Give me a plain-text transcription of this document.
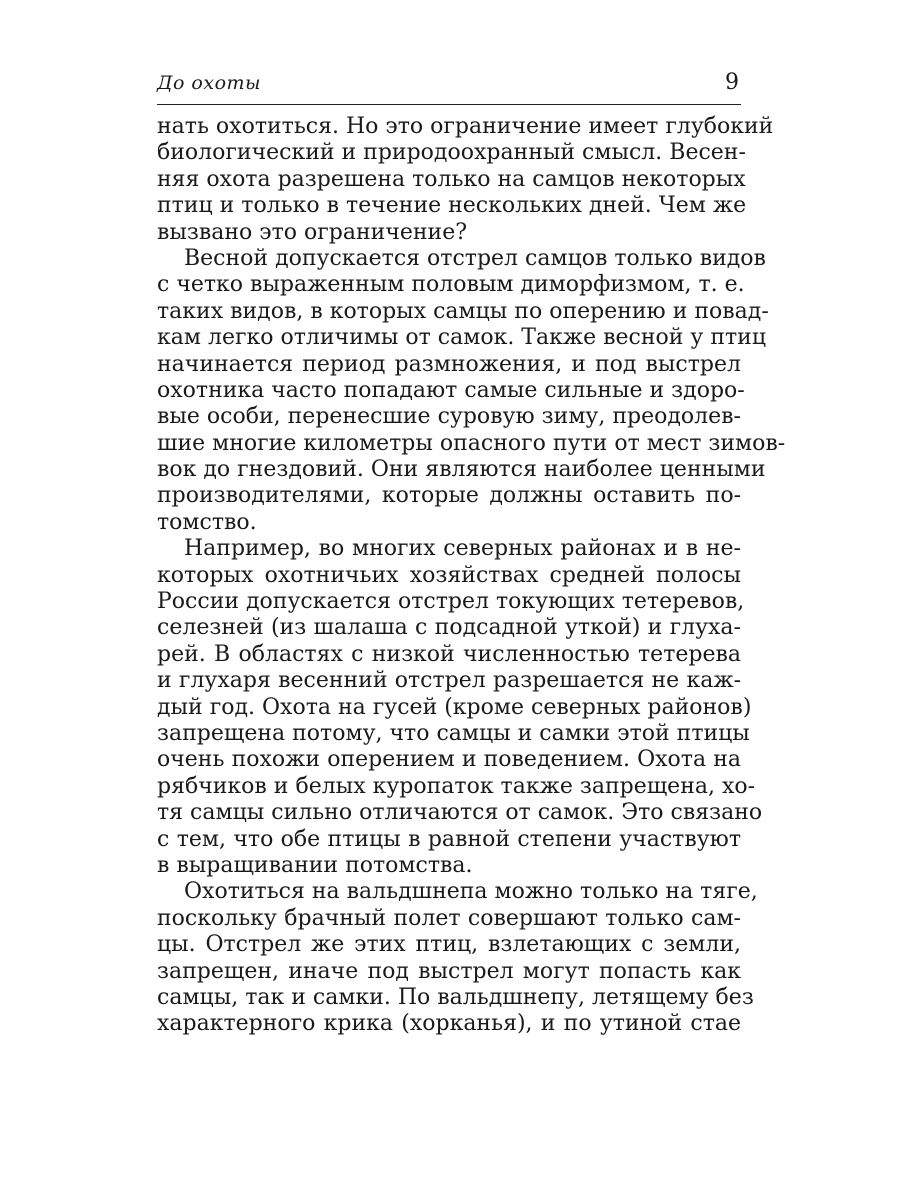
До охоты	9
нать охотиться. Но это ограничение имеет глубокий
биологический и природоохранный смысл. Весен-
няя охота разрешена только на самцов некоторых
птиц и только в течение нескольких дней. Чем же
вызвано это ограничение?
Весной допускается отстрел самцов только видов
с четко выраженным половым диморфизмом, т. е.
таких видов, в которых самцы по оперению и повад-
кам легко отличимы от самок. Также весной у птиц
начинается период размножения, и под выстрел
охотника часто попадают самые сильные и здоро-
вые особи, перенесшие суровую зиму, преодолев-
шие многие километры опасного пути от мест зимов-
вок до гнездовий. Они являются наиболее ценными
производителями, которые должны оставить по-
томство.
Например, во многих северных районах и в не-
которых охотничьих хозяйствах средней полосы
России допускается отстрел токующих тетеревов,
селезней (из шалаша с подсадной уткой) и глуха-
рей. В областях с низкой численностью тетерева
и глухаря весенний отстрел разрешается не каж-
дый год. Охота на гусей (кроме северных районов)
запрещена потому, что самцы и самки этой птицы
очень похожи оперением и поведением. Охота на
рябчиков и белых куропаток также запрещена, хо-
тя самцы сильно отличаются от самок. Это связано
с тем, что обе птицы в равной степени участвуют
в выращивании потомства.
Охотиться на вальдшнепа можно только на тяге,
поскольку брачный полет совершают только сам-
цы. Отстрел же этих птиц, взлетающих с земли,
запрещен, иначе под выстрел могут попасть как
самцы, так и самки. По вальдшнепу, летящему без
характерного крика (хорканья), и по утиной стае
